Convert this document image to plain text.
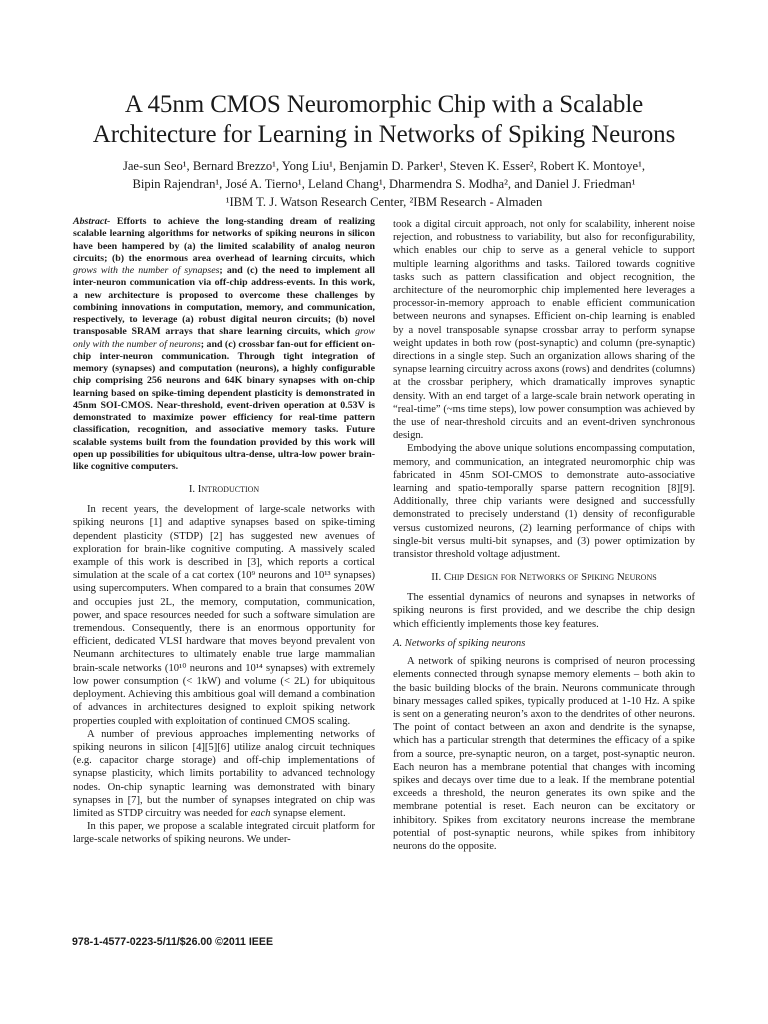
A 45nm CMOS Neuromorphic Chip with a Scalable
Architecture for Learning in Networks of Spiking Neurons

Jae-sun Seo¹, Bernard Brezzo¹, Yong Liu¹, Benjamin D. Parker¹, Steven K. Esser², Robert K. Montoye¹,
Bipin Rajendran¹, José A. Tierno¹, Leland Chang¹, Dharmendra S. Modha², and Daniel J. Friedman¹

¹IBM T. J. Watson Research Center, ²IBM Research - Almaden

Abstract- Efforts to achieve the long-standing dream of realizing scalable learning algorithms for networks of spiking neurons in silicon have been hampered by (a) the limited scalability of analog neuron circuits; (b) the enormous area overhead of learning circuits, which grows with the number of synapses; and (c) the need to implement all inter-neuron communication via off-chip address-events. In this work, a new architecture is proposed to overcome these challenges by combining innovations in computation, memory, and communication, respectively, to leverage (a) robust digital neuron circuits; (b) novel transposable SRAM arrays that share learning circuits, which grow only with the number of neurons; and (c) crossbar fan-out for efficient on-chip inter-neuron communication. Through tight integration of memory (synapses) and computation (neurons), a highly configurable chip comprising 256 neurons and 64K binary synapses with on-chip learning based on spike-timing dependent plasticity is demonstrated in 45nm SOI-CMOS. Near-threshold, event-driven operation at 0.53V is demonstrated to maximize power efficiency for real-time pattern classification, recognition, and associative memory tasks. Future scalable systems built from the foundation provided by this work will open up possibilities for ubiquitous ultra-dense, ultra-low power brain-like cognitive computers.

I. Introduction

In recent years, the development of large-scale networks with spiking neurons [1] and adaptive synapses based on spike-timing dependent plasticity (STDP) [2] has suggested new avenues of exploration for brain-like cognitive computing. A massively scaled example of this work is described in [3], which reports a cortical simulation at the scale of a cat cortex (10⁹ neurons and 10¹³ synapses) using supercomputers. When compared to a brain that consumes 20W and occupies just 2L, the memory, computation, communication, power, and space resources needed for such a software simulation are tremendous. Consequently, there is an enormous opportunity for efficient, dedicated VLSI hardware that moves beyond prevalent von Neumann architectures to ultimately enable true large mammalian brain-scale networks (10¹⁰ neurons and 10¹⁴ synapses) with extremely low power consumption (< 1kW) and volume (< 2L) for ubiquitous deployment. Achieving this ambitious goal will demand a combination of advances in architectures designed to exploit spiking network properties coupled with exploitation of continued CMOS scaling.

A number of previous approaches implementing networks of spiking neurons in silicon [4][5][6] utilize analog circuit techniques (e.g. capacitor charge storage) and off-chip implementations of synapse plasticity, which limits portability to advanced technology nodes. On-chip synaptic learning was demonstrated with binary synapses in [7], but the number of synapses integrated on chip was limited as STDP circuitry was needed for each synapse element.

In this paper, we propose a scalable integrated circuit platform for large-scale networks of spiking neurons. We under-

took a digital circuit approach, not only for scalability, inherent noise rejection, and robustness to variability, but also for reconfigurability, which enables our chip to serve as a general vehicle to support multiple learning algorithms and tasks. Tailored towards cognitive tasks such as pattern classification and object recognition, the architecture of the neuromorphic chip implemented here leverages a processor-in-memory approach to enable efficient communication between neurons and synapses. Efficient on-chip learning is enabled by a novel transposable synapse crossbar array to perform synapse weight updates in both row (post-synaptic) and column (pre-synaptic) directions in a single step. Such an organization allows sharing of the synapse learning circuitry across axons (rows) and dendrites (columns) at the crossbar periphery, which dramatically improves synaptic density. With an end target of a large-scale brain network operating in “real-time” (~ms time steps), low power consumption was achieved by the use of near-threshold circuits and an event-driven synchronous design.

Embodying the above unique solutions encompassing computation, memory, and communication, an integrated neuromorphic chip was fabricated in 45nm SOI-CMOS to demonstrate auto-associative learning and spatio-temporally sparse pattern recognition [8][9]. Additionally, three chip variants were designed and successfully demonstrated to precisely understand (1) density of reconfigurable versus customized neurons, (2) learning performance of chips with single-bit versus multi-bit synapses, and (3) power optimization by transistor threshold voltage adjustment.

II. Chip Design for Networks of Spiking Neurons

The essential dynamics of neurons and synapses in networks of spiking neurons is first provided, and we describe the chip design which efficiently implements those key features.

A. Networks of spiking neurons

A network of spiking neurons is comprised of neuron processing elements connected through synapse memory elements – both akin to the basic building blocks of the brain. Neurons communicate through binary messages called spikes, typically produced at 1-10 Hz. A spike is sent on a generating neuron’s axon to the dendrites of other neurons. The point of contact between an axon and dendrite is the synapse, which has a particular strength that determines the efficacy of a spike from a source, pre-synaptic neuron, on a target, post-synaptic neuron. Each neuron has a membrane potential that changes with incoming spikes and decays over time due to a leak. If the membrane potential exceeds a threshold, the neuron generates its own spike and the membrane potential is reset. Each neuron can be excitatory or inhibitory. Spikes from excitatory neurons increase the membrane potential of post-synaptic neurons, while spikes from inhibitory neurons do the opposite.

978-1-4577-0223-5/11/$26.00 ©2011 IEEE
